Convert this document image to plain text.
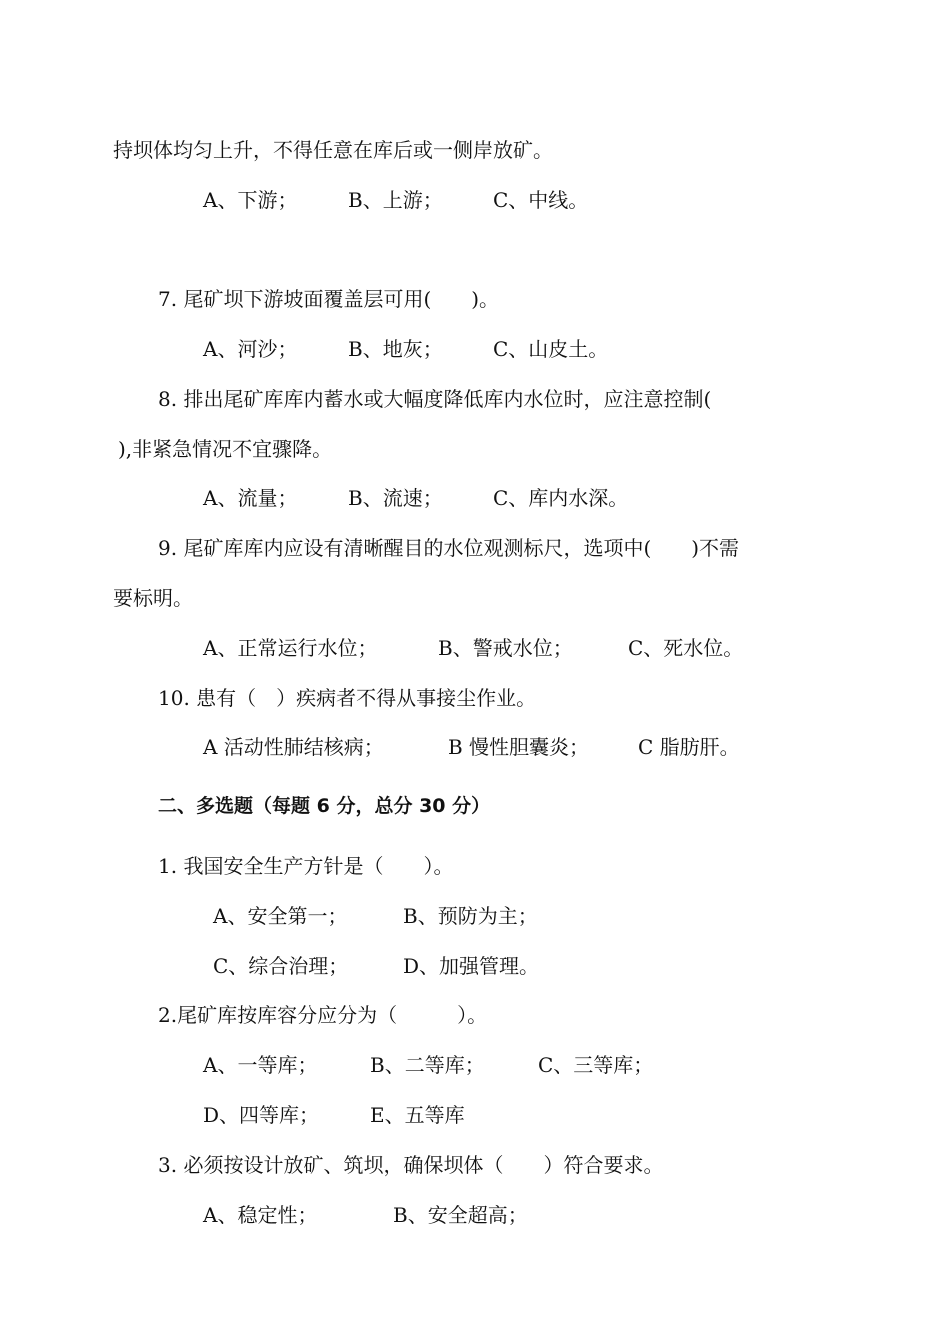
持坝体均匀上升，不得任意在库后或一侧岸放矿。
A、下游；	B、上游；	C、中线。
7. 尾矿坝下游坡面覆盖层可用(　　)。
A、河沙；	B、地灰；	C、山皮土。
8. 排出尾矿库库内蓄水或大幅度降低库内水位时，应注意控制(
),非紧急情况不宜骤降。
A、流量；	B、流速；	C、库内水深。
9. 尾矿库库内应设有清晰醒目的水位观测标尺，选项中(　　)不需
要标明。
A、正常运行水位；	B、警戒水位；	C、死水位。
10. 患有（　）疾病者不得从事接尘作业。
A 活动性肺结核病；	B 慢性胆囊炎； C 脂肪肝。
二、多选题（每题 6 分，总分 30 分）
1. 我国安全生产方针是（　　）。
A、安全第一；	B、预防为主；
C、综合治理；	D、加强管理。
2.尾矿库按库容分应分为（　　　）。
A、一等库；	B、二等库；	C、三等库；
D、四等库；	E、五等库
3. 必须按设计放矿、筑坝，确保坝体（　　）符合要求。
A、稳定性；	B、安全超高；
